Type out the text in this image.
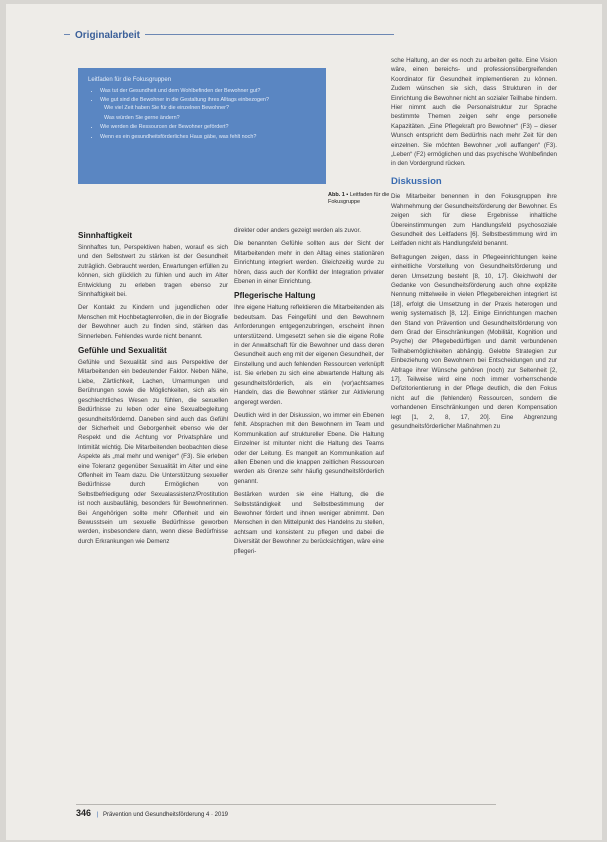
Originalarbeit
Leitfaden für die Fokusgruppen
• Was tut der Gesundheit und dem Wohlbefinden der Bewohner gut?
• Wie gut sind die Bewohner in die Gestaltung ihres Alltags einbezogen?
Wie viel Zeit haben Sie für die einzelnen Bewohner?
Was würden Sie gerne ändern?
• Wie werden die Ressourcen der Bewohner gefördert?
• Wenn es ein gesundheitsförderliches Haus gäbe, was fehlt noch?
Abb. 1 ▪ Leitfaden für die Fokusgruppe
Sinnhaftigkeit

Sinnhaftes tun, Perspektiven haben, worauf es sich und den Selbstwert zu stärken ist der Gesundheit zuträglich. Gebraucht werden, Erwartungen erfüllen zu können, sich glücklich zu fühlen und auch im Alter Entwicklung zu erleben tragen ebenso zur Sinnhaftigkeit bei.

Der Kontakt zu Kindern und jugendlichen oder Menschen mit Hochbetagtenrollen, die in der Biografie der Bewohner auch zu finden sind, stärken das Sinnerleben. Fehlendes wurde nicht benannt.

Gefühle und Sexualität

Gefühle und Sexualität sind aus Perspektive der Mitarbeitenden ein bedeutender Faktor. Neben Nähe, Liebe, Zärtlichkeit, Lachen, Umarmungen und Berührungen sowie die Möglichkeiten, sich als ein geschlechtliches Wesen zu fühlen, die sexuellen Bedürfnisse zu leben oder eine Sexualbegleitung gesundheitsfördernd. Daneben sind auch das Gefühl der Sicherheit und Geborgenheit ebenso wie der Respekt und die Achtung vor Privatsphäre und Intimität wichtig. Die Mitarbeitenden beobachten diese Aspekte als „mal mehr und weniger“ (F3). Sie erleben eine Toleranz gegenüber Sexualität im Alter und eine Offenheit im Team dazu. Die Unterstützung sexueller Bedürfnisse durch Ermöglichen von Selbstbefriedigung oder Sexualassistenz/Prostitution ist noch ausbaufähig, besonders für Bewohnerinnen. Bei Angehörigen sollte mehr Offenheit und ein Bewusstsein um sexuelle Bedürfnisse geworben werden, insbesondere dann, wenn diese Bedürfnisse durch Erkrankungen wie Demenz

direkter oder anders gezeigt werden als zuvor.

Die benannten Gefühle sollten aus der Sicht der Mitarbeitenden mehr in den Alltag eines stationären Einrichtung integriert werden. Gleichzeitig wurde zu hören, dass auch der Konflikt der Integration privater Ebenen in einer Einrichtung.

Pflegerische Haltung

Ihre eigene Haltung reflektieren die Mitarbeitenden als bedeutsam. Das Feingefühl und den Bewohnern Anforderungen entgegenzubringen, erscheint ihnen unterstützend. Umgesetzt sehen sie die eigene Rolle in der Anwaltschaft für die Bewohner und dass deren Gesundheit auch eng mit der eigenen Gesundheit, der Einstellung und auch fehlenden Ressourcen verknüpft ist. Sie erleben zu sich eine abwartende Haltung als gesundheitsförderlich, als ein (vor)achtsames Handeln, das die Bewohner stärker zur Aktivierung angeregt werden.

Deutlich wird in der Diskussion, wo immer ein Ebenen fehlt. Absprachen mit den Bewohnern im Team und Kommunikation auf struktureller Ebene. Die Haltung Einzelner ist mitunter nicht die Haltung des Teams oder der Leitung. Es mangelt an Kommunikation auf allen Ebenen und die knappen zeitlichen Ressourcen werden als Grenze sehr häufig gesundheitsförderlich genannt.

Bestärken wurden sie eine Haltung, die die Selbstständigkeit und Selbstbestimmung der Bewohner fördert und ihnen weniger abnimmt. Den Menschen in den Mittelpunkt des Handelns zu stellen, achtsam und konsistent zu pflegen und dabei die Diversität der Bewohner zu berücksichtigen, wäre eine pflegeri-

sche Haltung, an der es noch zu arbeiten gelte. Eine Vision wäre, einen bereichs- und professionsübergreifenden Koordinator für Gesundheit implementieren zu können. Zudem wünschen sie sich, dass Strukturen in der Einrichtung die Bewohner nicht an sozialer Teilhabe hindern. Hier nimmt auch die Personalstruktur zur Sprache bestimmte Themen zeigen sehr enge personelle Kapazitäten. „Eine Pflegekraft pro Bewohner“ (F3) – dieser Wunsch entspricht dem Bedürfnis nach mehr Zeit für den einzelnen. Sie möchten Bewohner „voll auffangen“ (F3). „Leben“ (F2) ermöglichen und das psychische Wohlbefinden in den Vordergrund rücken.

Diskussion

Die Mitarbeiter benennen in den Fokusgruppen ihre Wahrnehmung der Gesundheitsförderung der Bewohner. Es zeigen sich für diese Ergebnisse inhaltliche Übereinstimmungen zum Handlungsfeld psychosoziale Gesundheit des Leitfadens [6]. Selbstbestimmung wird im Leitfaden nicht als Handlungsfeld benannt.

Befragungen zeigen, dass in Pflegeeinrichtungen keine einheitliche Vorstellung von Gesundheitsförderung und deren Umsetzung besteht [8, 10, 17]. Gleichwohl der Gedanke von Gesundheitsförderung auch ohne explizite Nennung mittelweile in vielen Pflegebereichen integriert ist [18], erfolgt die Umsetzung in der Praxis heterogen und wenig systematisch [8, 12]. Einige Einrichtungen machen den Stand von Prävention und Gesundheitsförderung von dem Grad der Einschränkungen (Mobilität, Kognition und Psyche) der Pflegebedürftigen und damit verbundenen Teilhabemöglichkeiten abhängig. Gelebte Strategien zur Einbeziehung von Bewohnern bei Entscheidungen und zur Abfrage ihrer Wünsche gehören (noch) zur Seltenheit [2, 17]. Teilweise wird eine noch immer vorherrschende Defizitorientierung in der Pflege deutlich, die den Fokus nicht auf die (fehlenden) Ressourcen, sondern die vorhandenen Einschränkungen und deren Kompensation legt [1, 2, 8, 17, 20]. Eine Abgrenzung gesundheitsförderlicher Maßnahmen zu

346 | Prävention und Gesundheitsförderung 4 · 2019
